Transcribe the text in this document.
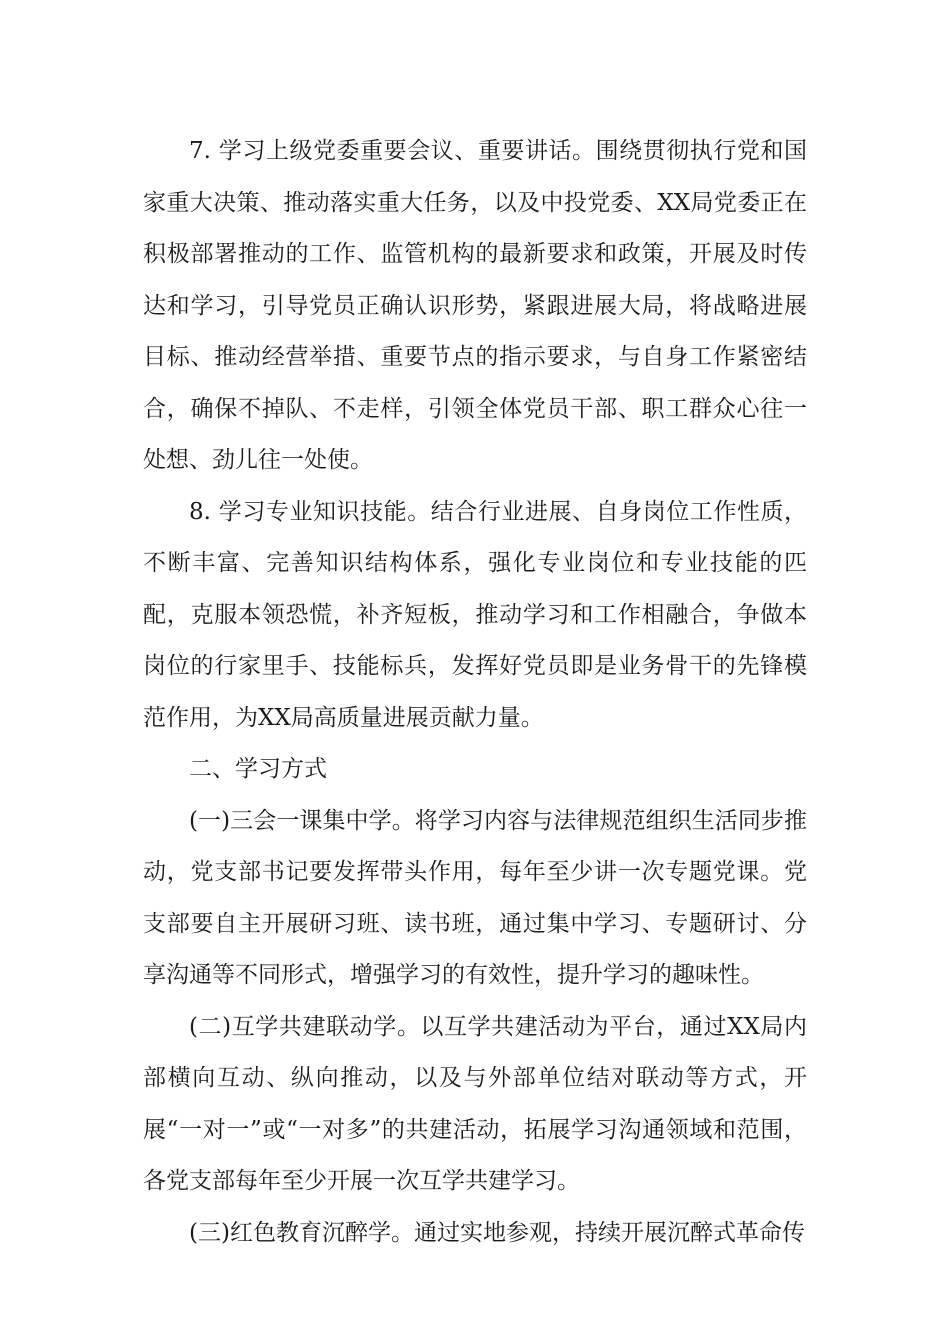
7. 学习上级党委重要会议、重要讲话。围绕贯彻执行党和国家重大决策、推动落实重大任务，以及中投党委、XX局党委正在积极部署推动的工作、监管机构的最新要求和政策，开展及时传达和学习，引导党员正确认识形势，紧跟进展大局，将战略进展目标、推动经营举措、重要节点的指示要求，与自身工作紧密结合，确保不掉队、不走样，引领全体党员干部、职工群众心往一处想、劲儿往一处使。

8. 学习专业知识技能。结合行业进展、自身岗位工作性质，不断丰富、完善知识结构体系，强化专业岗位和专业技能的匹配，克服本领恐慌，补齐短板，推动学习和工作相融合，争做本岗位的行家里手、技能标兵，发挥好党员即是业务骨干的先锋模范作用，为XX局高质量进展贡献力量。

二、学习方式

(一)三会一课集中学。将学习内容与法律规范组织生活同步推动，党支部书记要发挥带头作用，每年至少讲一次专题党课。党支部要自主开展研习班、读书班，通过集中学习、专题研讨、分享沟通等不同形式，增强学习的有效性，提升学习的趣味性。

(二)互学共建联动学。以互学共建活动为平台，通过XX局内部横向互动、纵向推动，以及与外部单位结对联动等方式，开展“一对一”或“一对多”的共建活动，拓展学习沟通领域和范围，各党支部每年至少开展一次互学共建学习。

(三)红色教育沉醉学。通过实地参观，持续开展沉醉式革命传
